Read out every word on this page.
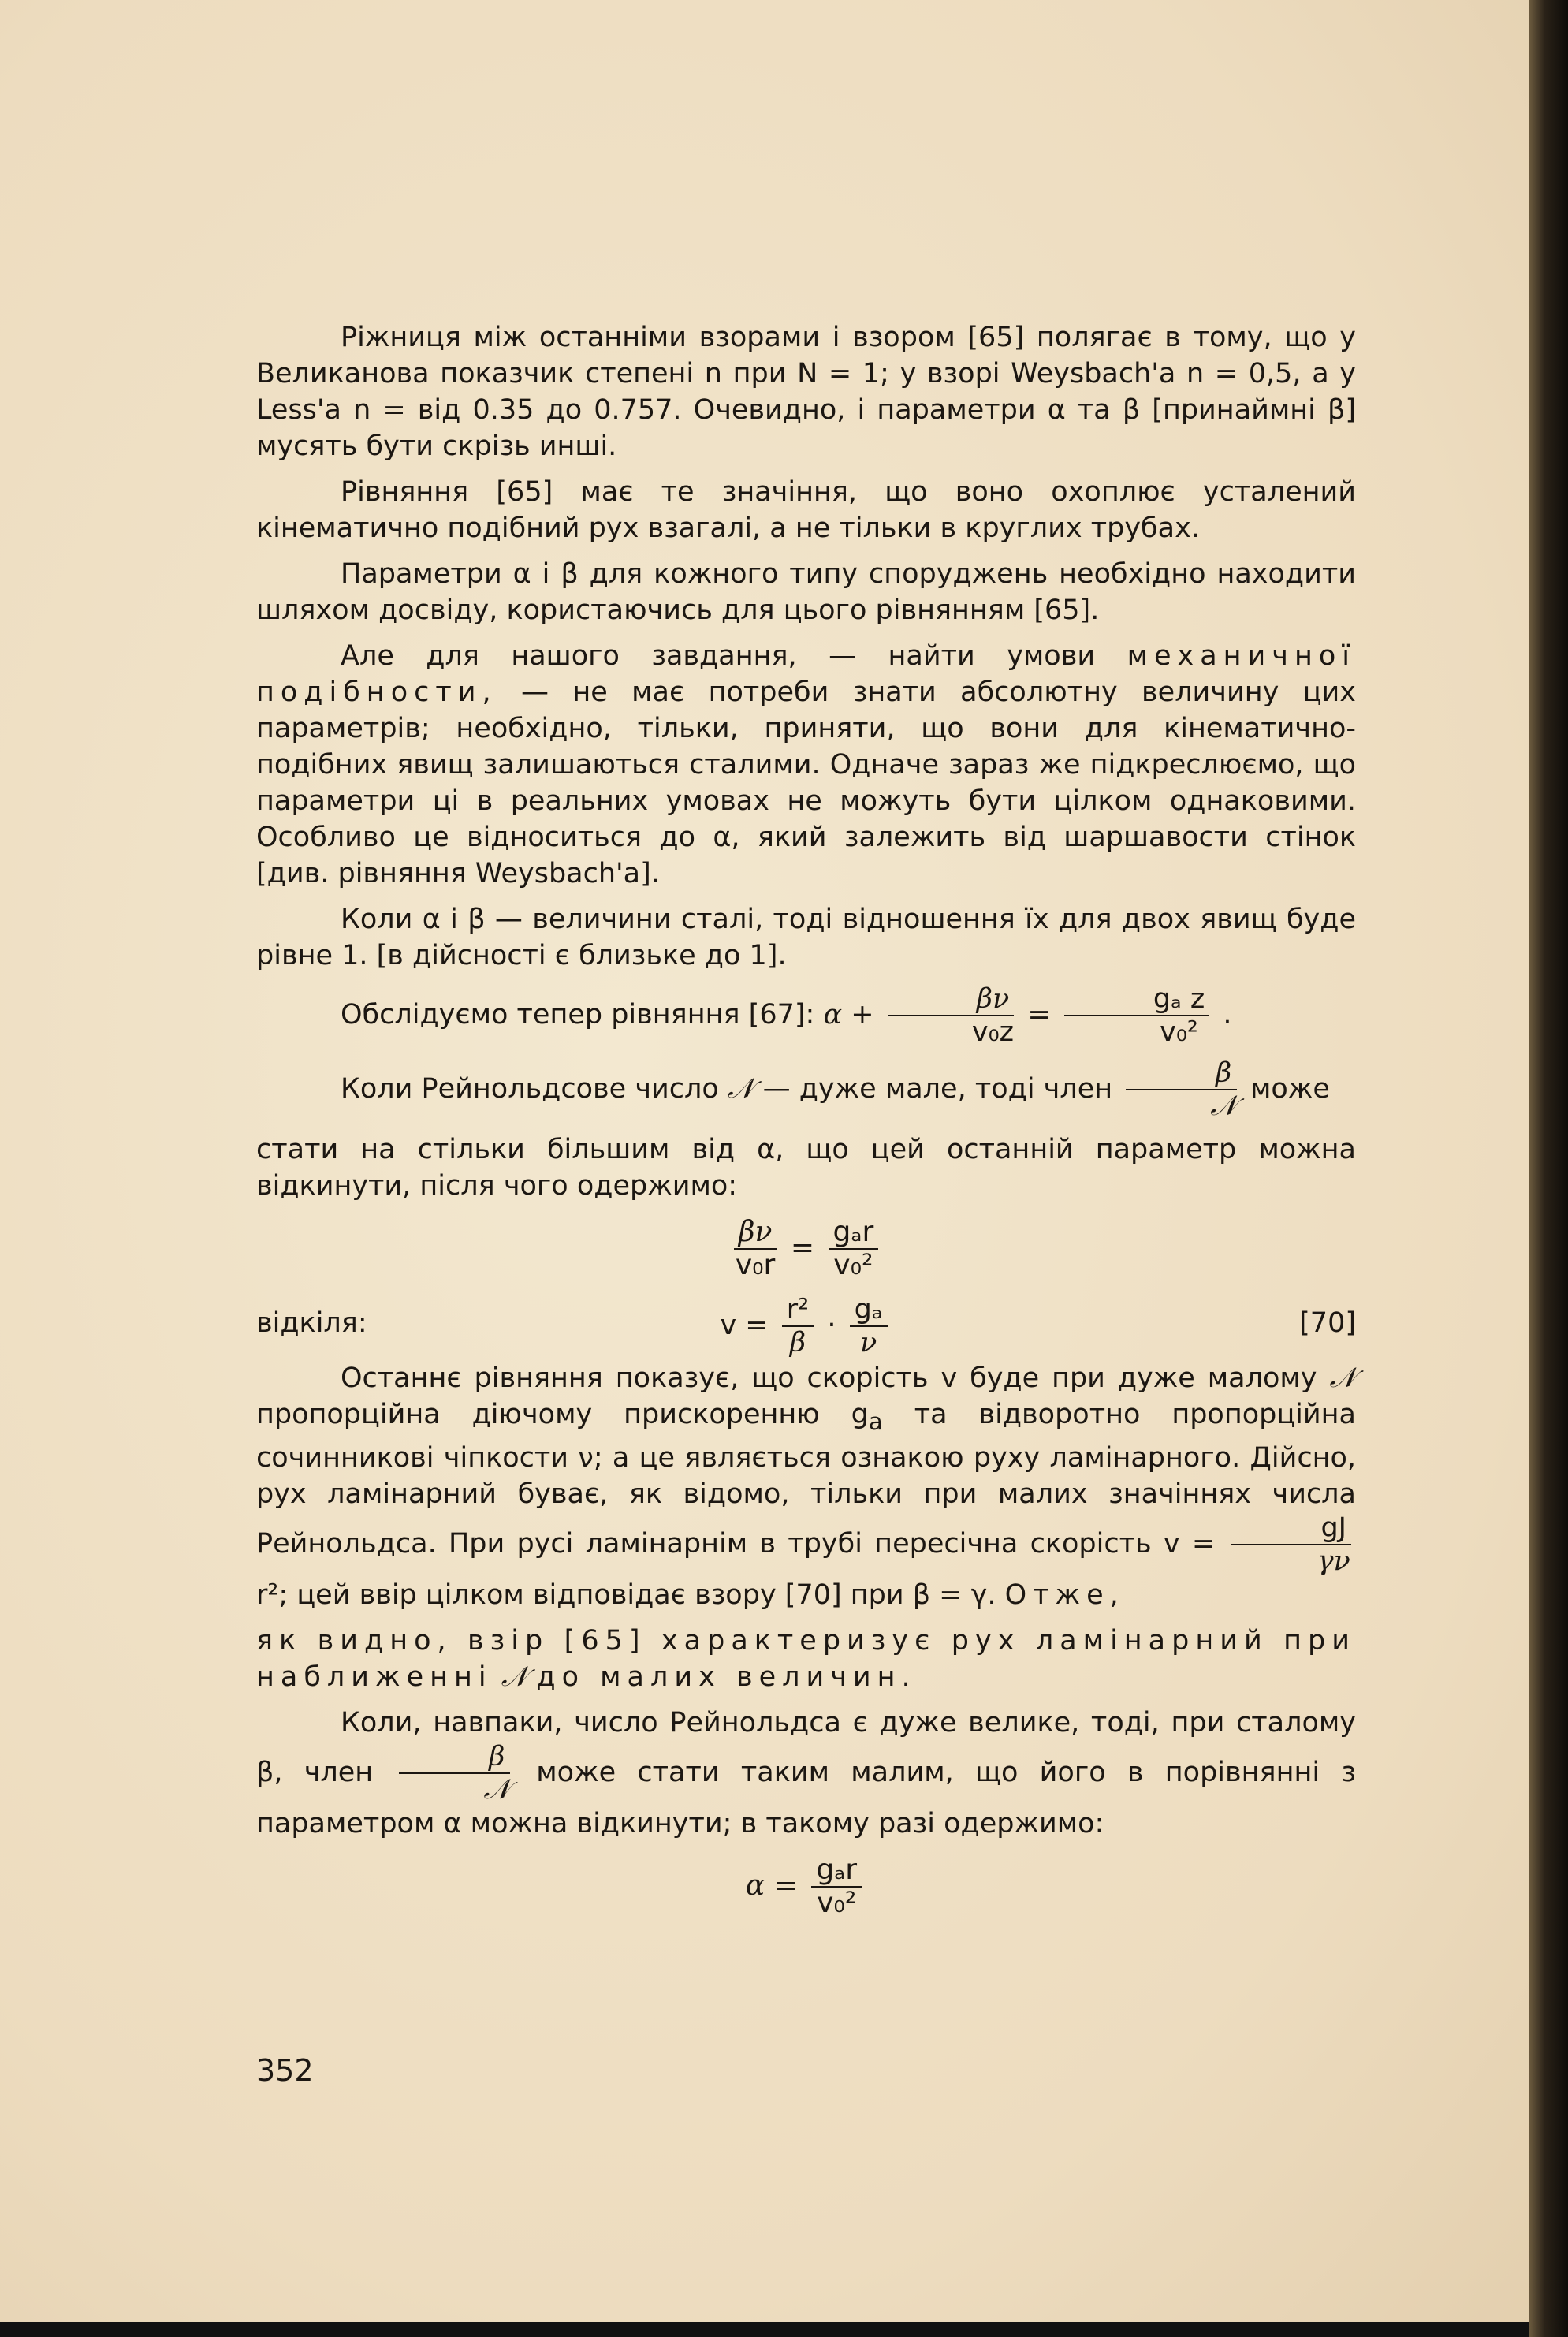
Ріжниця між останніми взорами і взором [65] полягає в тому, що у Великанова показчик степені n при N = 1; у взорі Weysbach'а n = 0,5, а у Less'а n = від 0.35 до 0.757. Очевидно, і параметри α та β [принаймні β] мусять бути скрізь инші.

Рівняння [65] має те значіння, що воно охоплює усталений кінематично подібний рух взагалі, а не тільки в круглих трубах.

Параметри α і β для кожного типу споруджень необхідно находити шляхом досвіду, користаючись для цього рівнянням [65].

Але для нашого завдання, — найти умови механичної подібности, — не має потреби знати абсолютну величину цих параметрів; необхідно, тільки, приняти, що вони для кінематично-подібних явищ залишаються сталими. Одначе зараз же підкреслюємо, що параметри ці в реальних умовах не можуть бути цілком однаковими. Особливо це відноситься до α, який залежить від шаршавости стінок [див. рівняння Weysbach'а].

Коли α і β — величини сталі, тоді відношення їх для двох явищ буде рівне 1. [в дійсності є близьке до 1].

Обслідуємо тепер рівняння [67]: $\alpha + \frac{\beta\nu}{\text{v₀z}} = \frac{\text{gₐ z}}{\text{v₀²}}$ .

Коли Рейнольдсове число 𝒩 — дуже мале, тоді член $\frac{\beta}{\text{𝒩}}$ може

стати на стільки більшим від α, що цей останній параметр можна відкинути, після чого одержимо:

$\frac{\beta\nu}{\text{v₀r}} = \frac{\text{gₐr}}{\text{v₀²}}$
відкіля:	$v = \frac{\text{r²}}{\beta} \cdot \frac{\text{gₐ}}{\nu}$	[70]

Останнє рівняння показує, що скорість v буде при дуже малому 𝒩 пропорційна діючому прискоренню $g_a$ та відворотно пропорційна сочинникові чіпкости ν; а це являється ознакою руху ламінарного. Дійсно, рух ламінарний буває, як відомо, тільки при малих значіннях числа Рейнольдса. При русі ламінарнім в трубі пересічна скорість $v = \frac{gJ}{\gamma\nu}$
r²; цей ввір цілком відповідає взору [70] при β = γ. Отже,

як видно, взір [65] характеризує рух ламінарний при наближенні 𝒩 до малих величин.

Коли, навпаки, число Рейнольдса є дуже велике, тоді, при сталому β, член $\frac{\beta}{\text{𝒩}}$ може стати таким малим, що його в порівнянні з параметром α можна відкинути; в такому разі одержимо:

$\alpha = \frac{\text{gₐr}}{\text{v₀²}}$
352
